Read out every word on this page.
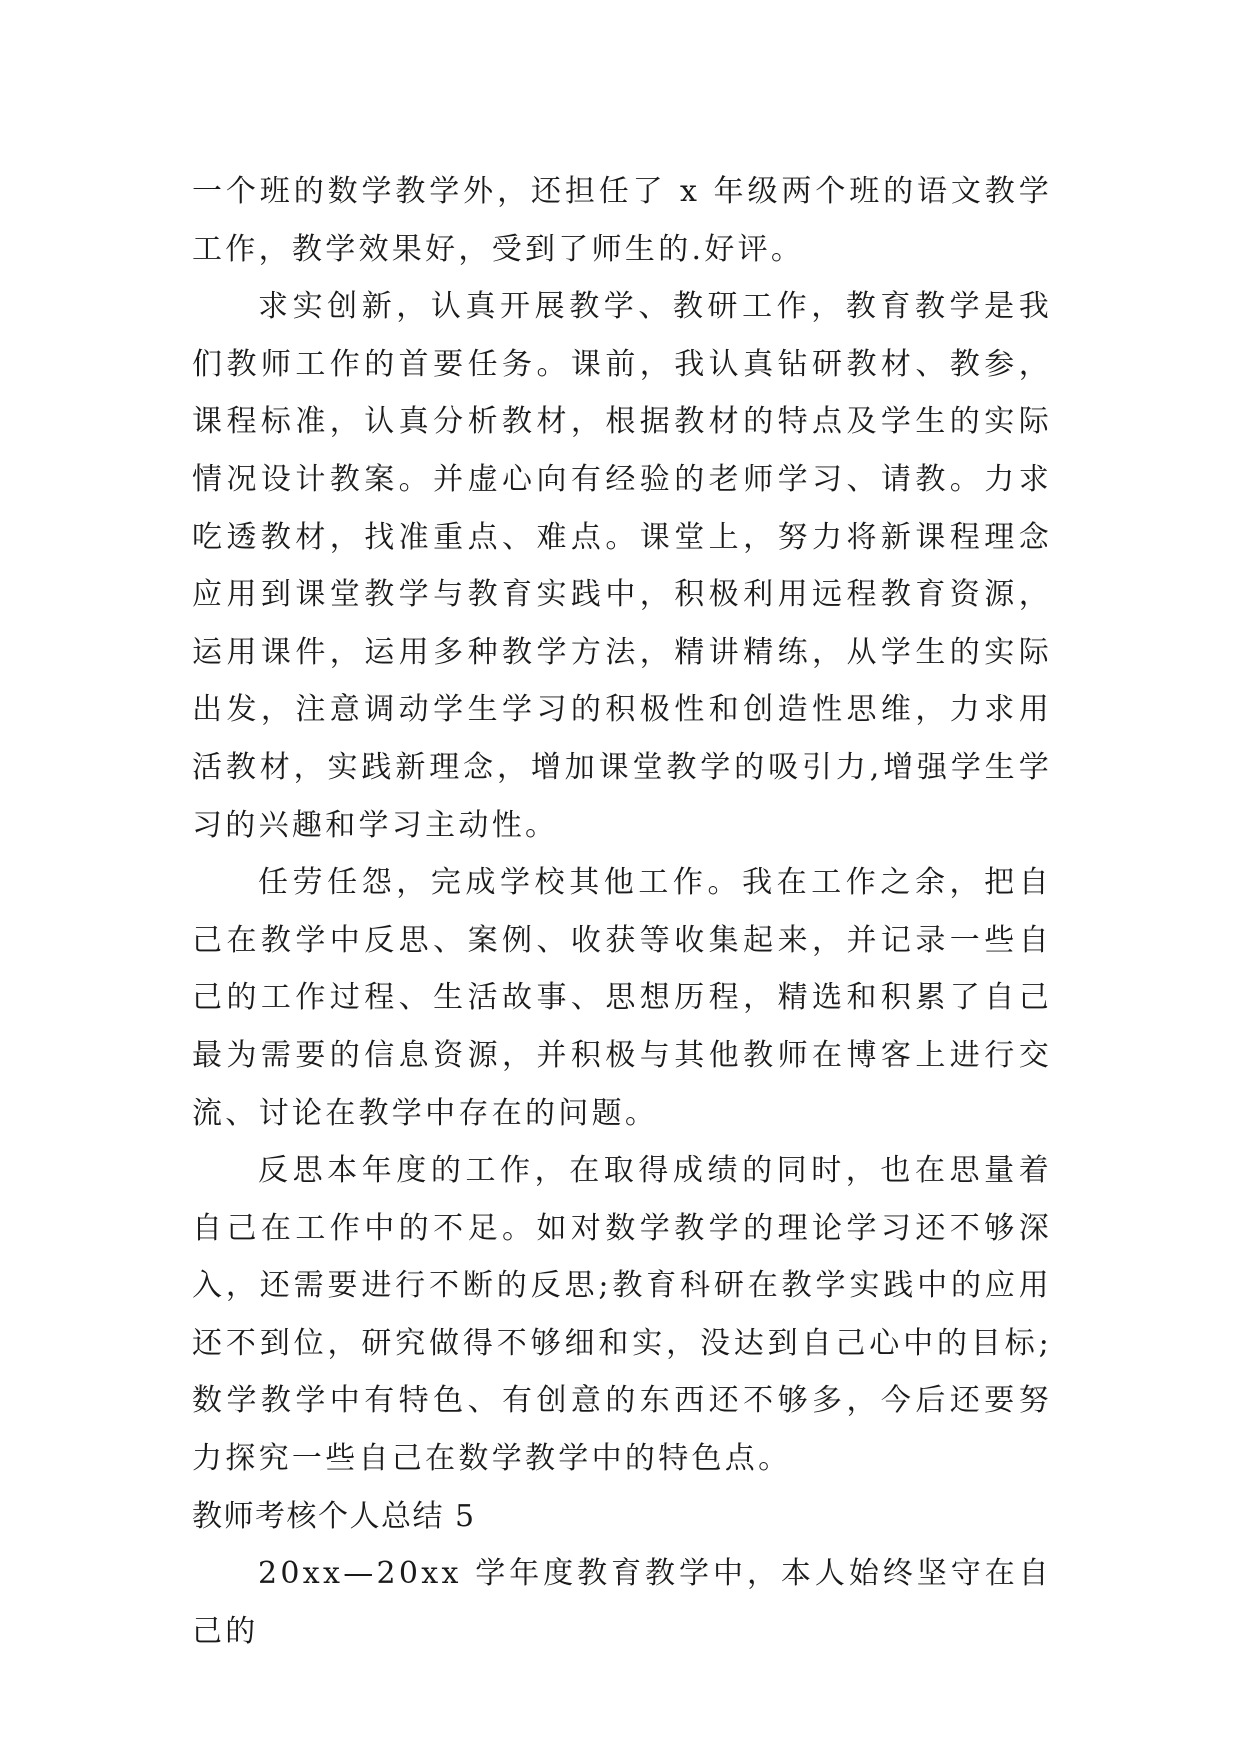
一个班的数学教学外，还担任了 x 年级两个班的语文教学工作，教学效果好，受到了师生的.好评。

求实创新，认真开展教学、教研工作，教育教学是我们教师工作的首要任务。课前，我认真钻研教材、教参，课程标准，认真分析教材，根据教材的特点及学生的实际情况设计教案。并虚心向有经验的老师学习、请教。力求吃透教材，找准重点、难点。课堂上，努力将新课程理念应用到课堂教学与教育实践中，积极利用远程教育资源，运用课件，运用多种教学方法，精讲精练，从学生的实际出发，注意调动学生学习的积极性和创造性思维，力求用活教材，实践新理念，增加课堂教学的吸引力,增强学生学习的兴趣和学习主动性。

任劳任怨，完成学校其他工作。我在工作之余，把自己在教学中反思、案例、收获等收集起来，并记录一些自己的工作过程、生活故事、思想历程，精选和积累了自己最为需要的信息资源，并积极与其他教师在博客上进行交流、讨论在教学中存在的问题。

反思本年度的工作，在取得成绩的同时，也在思量着自己在工作中的不足。如对数学教学的理论学习还不够深入，还需要进行不断的反思;教育科研在教学实践中的应用还不到位，研究做得不够细和实，没达到自己心中的目标;数学教学中有特色、有创意的东西还不够多，今后还要努力探究一些自己在数学教学中的特色点。

教师考核个人总结 5

20xx—20xx 学年度教育教学中，本人始终坚守在自己的
